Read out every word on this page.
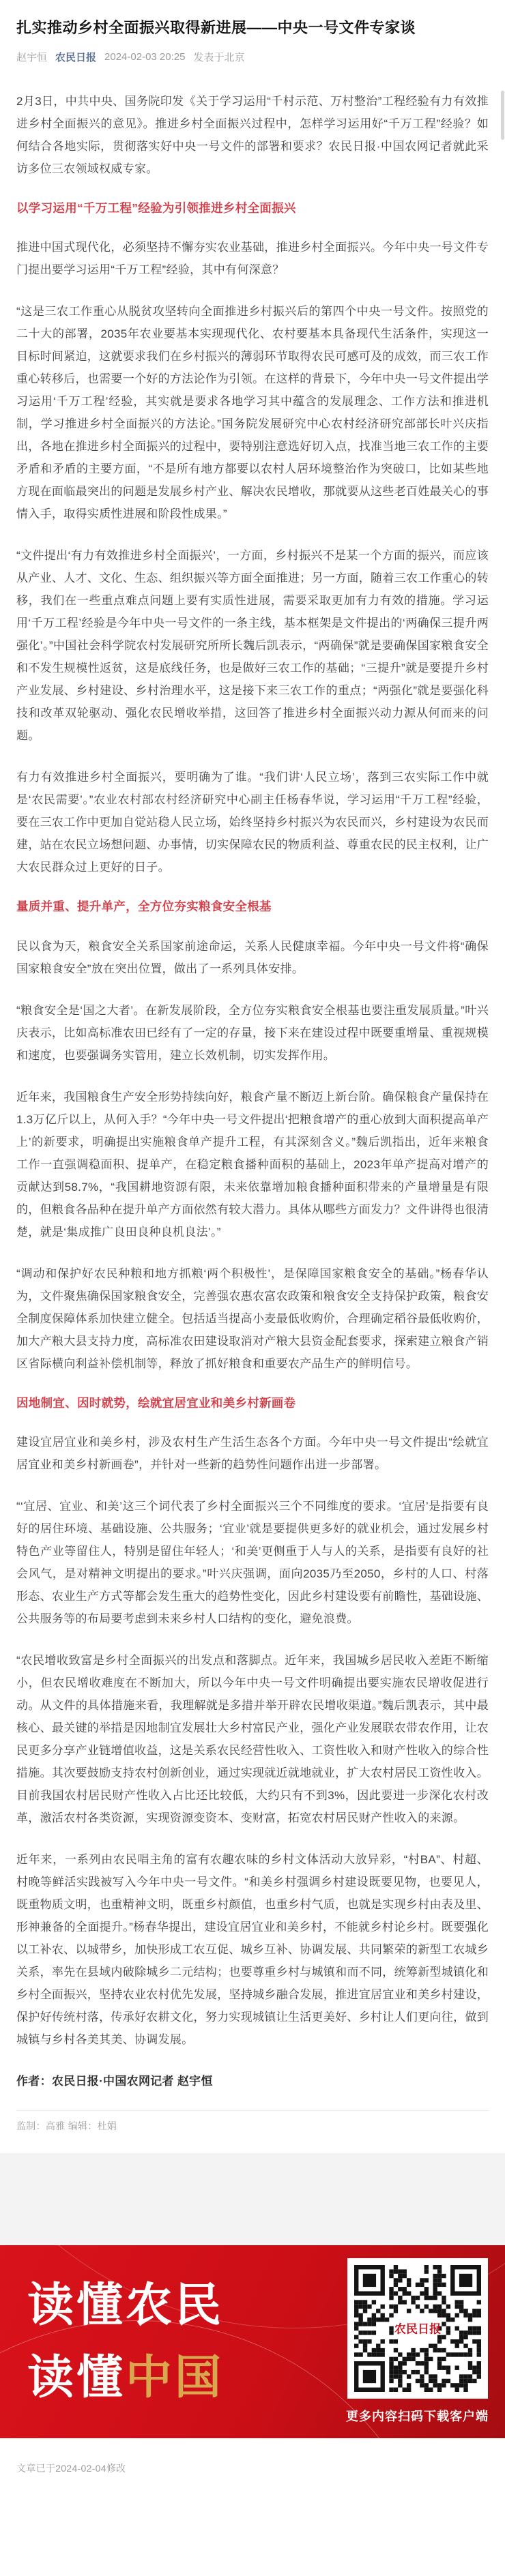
扎实推动乡村全面振兴取得新进展——中央一号文件专家谈
赵宇恒 农民日报 2024-02-03 20:25 发表于北京

2月3日，中共中央、国务院印发《关于学习运用“千村示范、万村整治”工程经验有力有效推进乡村全面振兴的意见》。推进乡村全面振兴过程中，怎样学习运用好“千万工程”经验？如何结合各地实际，贯彻落实好中央一号文件的部署和要求？农民日报·中国农网记者就此采访多位三农领域权威专家。

以学习运用“千万工程”经验为引领推进乡村全面振兴

推进中国式现代化，必须坚持不懈夯实农业基础，推进乡村全面振兴。今年中央一号文件专门提出要学习运用“千万工程”经验，其中有何深意？

“这是三农工作重心从脱贫攻坚转向全面推进乡村振兴后的第四个中央一号文件。按照党的二十大的部署，2035年农业要基本实现现代化、农村要基本具备现代生活条件，实现这一目标时间紧迫，这就要求我们在乡村振兴的薄弱环节取得农民可感可及的成效，而三农工作重心转移后，也需要一个好的方法论作为引领。在这样的背景下，今年中央一号文件提出学习运用‘千万工程’经验，其实就是要求各地学习其中蕴含的发展理念、工作方法和推进机制，学习推进乡村全面振兴的方法论。”国务院发展研究中心农村经济研究部部长叶兴庆指出，各地在推进乡村全面振兴的过程中，要特别注意选好切入点，找准当地三农工作的主要矛盾和矛盾的主要方面，“不是所有地方都要以农村人居环境整治作为突破口，比如某些地方现在面临最突出的问题是发展乡村产业、解决农民增收，那就要从这些老百姓最关心的事情入手，取得实质性进展和阶段性成果。”

“文件提出‘有力有效推进乡村全面振兴’，一方面，乡村振兴不是某一个方面的振兴，而应该从产业、人才、文化、生态、组织振兴等方面全面推进；另一方面，随着三农工作重心的转移，我们在一些重点难点问题上要有实质性进展，需要采取更加有力有效的措施。学习运用‘千万工程’经验是今年中央一号文件的一条主线，基本框架是文件提出的‘两确保三提升两强化’。”中国社会科学院农村发展研究所所长魏后凯表示，“两确保”就是要确保国家粮食安全和不发生规模性返贫，这是底线任务，也是做好三农工作的基础；“三提升”就是要提升乡村产业发展、乡村建设、乡村治理水平，这是接下来三农工作的重点；“两强化”就是要强化科技和改革双轮驱动、强化农民增收举措，这回答了推进乡村全面振兴动力源从何而来的问题。

有力有效推进乡村全面振兴，要明确为了谁。“我们讲‘人民立场’，落到三农实际工作中就是‘农民需要’。”农业农村部农村经济研究中心副主任杨春华说，学习运用“千万工程”经验，要在三农工作中更加自觉站稳人民立场，始终坚持乡村振兴为农民而兴，乡村建设为农民而建，站在农民立场想问题、办事情，切实保障农民的物质利益、尊重农民的民主权利，让广大农民群众过上更好的日子。

量质并重、提升单产，全方位夯实粮食安全根基

民以食为天，粮食安全关系国家前途命运，关系人民健康幸福。今年中央一号文件将“确保国家粮食安全”放在突出位置，做出了一系列具体安排。

“粮食安全是‘国之大者’。在新发展阶段，全方位夯实粮食安全根基也要注重发展质量。”叶兴庆表示，比如高标准农田已经有了一定的存量，接下来在建设过程中既要重增量、重视规模和速度，也要强调务实管用，建立长效机制，切实发挥作用。

近年来，我国粮食生产安全形势持续向好，粮食产量不断迈上新台阶。确保粮食产量保持在1.3万亿斤以上，从何入手？“今年中央一号文件提出‘把粮食增产的重心放到大面积提高单产上’的新要求，明确提出实施粮食单产提升工程，有其深刻含义。”魏后凯指出，近年来粮食工作一直强调稳面积、提单产，在稳定粮食播种面积的基础上，2023年单产提高对增产的贡献达到58.7%，“我国耕地资源有限，未来依靠增加粮食播种面积带来的产量增量是有限的，但粮食各品种在提升单产方面依然有较大潜力。具体从哪些方面发力？文件讲得也很清楚，就是‘集成推广良田良种良机良法’。”

“调动和保护好农民种粮和地方抓粮‘两个积极性’，是保障国家粮食安全的基础。”杨春华认为，文件聚焦确保国家粮食安全，完善强农惠农富农政策和粮食安全支持保护政策，粮食安全制度保障体系加快建立健全。包括适当提高小麦最低收购价，合理确定稻谷最低收购价，加大产粮大县支持力度，高标准农田建设取消对产粮大县资金配套要求，探索建立粮食产销区省际横向利益补偿机制等，释放了抓好粮食和重要农产品生产的鲜明信号。

因地制宜、因时就势，绘就宜居宜业和美乡村新画卷

建设宜居宜业和美乡村，涉及农村生产生活生态各个方面。今年中央一号文件提出“绘就宜居宜业和美乡村新画卷”，并针对一些新的趋势性问题作出进一步部署。

“‘宜居、宜业、和美’这三个词代表了乡村全面振兴三个不同维度的要求。‘宜居’是指要有良好的居住环境、基础设施、公共服务；‘宜业’就是要提供更多好的就业机会，通过发展乡村特色产业等留住人，特别是留住年轻人；‘和美’更侧重于人与人的关系，是指要有良好的社会风气，是对精神文明提出的要求。”叶兴庆强调，面向2035乃至2050，乡村的人口、村落形态、农业生产方式等都会发生重大的趋势性变化，因此乡村建设要有前瞻性，基础设施、公共服务等的布局要考虑到未来乡村人口结构的变化，避免浪费。

“农民增收致富是乡村全面振兴的出发点和落脚点。近年来，我国城乡居民收入差距不断缩小，但农民增收难度在不断加大，所以今年中央一号文件明确提出要实施农民增收促进行动。从文件的具体措施来看，我理解就是多措并举开辟农民增收渠道。”魏后凯表示，其中最核心、最关键的举措是因地制宜发展壮大乡村富民产业，强化产业发展联农带农作用，让农民更多分享产业链增值收益，这是关系农民经营性收入、工资性收入和财产性收入的综合性措施。其次要鼓励支持农村创新创业，通过实现就近就地就业，扩大农村居民工资性收入。目前我国农村居民财产性收入占比还比较低，大约只有不到3%，因此要进一步深化农村改革，激活农村各类资源，实现资源变资本、变财富，拓宽农村居民财产性收入的来源。

近年来，一系列由农民唱主角的富有农趣农味的乡村文体活动大放异彩，“村BA”、村超、村晚等鲜活实践被写入今年中央一号文件。“和美乡村强调乡村建设既要见物，也要见人，既重物质文明，也重精神文明，既重乡村颜值，也重乡村气质，也就是实现乡村由表及里、形神兼备的全面提升。”杨春华提出，建设宜居宜业和美乡村，不能就乡村论乡村。既要强化以工补农、以城带乡，加快形成工农互促、城乡互补、协调发展、共同繁荣的新型工农城乡关系，率先在县域内破除城乡二元结构；也要尊重乡村与城镇和而不同，统筹新型城镇化和乡村全面振兴，坚持农业农村优先发展，坚持城乡融合发展，推进宜居宜业和美乡村建设，保护好传统村落，传承好农耕文化，努力实现城镇让生活更美好、乡村让人们更向往，做到城镇与乡村各美其美、协调发展。

作者：农民日报·中国农网记者 赵宇恒

监制：高雅 编辑：杜娟
读懂农民
读懂中国
农民日报
更多内容扫码下载客户端
文章已于2024-02-04修改
